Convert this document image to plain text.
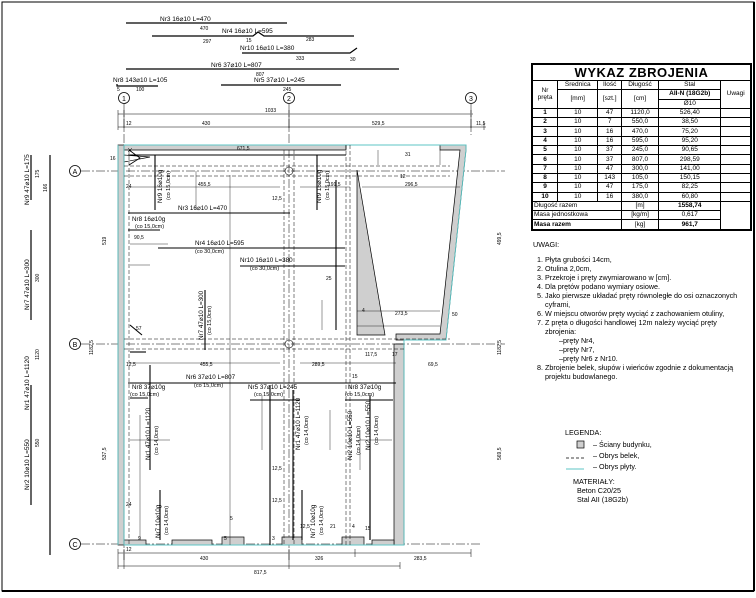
Nr3 16⌀10 L=470
470 Nr4 16⌀10 L=595
297	15	283
Nr10 16⌀10 L=380
333	30
Nr6 37⌀10 L=807
807
Nr8 143⌀10 L=105
5	100
Nr5 37⌀10 L=245
245
1	2	3
A
B
C
1033
430	529,5	11,5
12
12
430	326	283,5
817,5
Nr9 47⌀10 L=175 175
166
Nr7 47⌀10 L=300 300
Nr1 47⌀10 L=1120
1120
Nr2 10⌀10 L=550 550
671,5
455,5	191,5	296,5
455,5	289,5
117,5
69,5
273,5
537,5
519
1182,5	1182,5
569,5
499,5
16
24
12,5
90,5
57
25
12,5
24
31
17
4
50
12,5
3
12,5
9
4
5
5
12,5
15
12
21
15
Nr3 16⌀10 L=470
Nr8 16⌀10g
(co 15,0cm)
Nr4 16⌀10 L=595
(co 30,0cm)
Nr10 16⌀10 L=380
(co 30,0cm)
Nr6 37⌀10 L=807
(co 15,0cm)
Nr8 37⌀10g
(co 15,0cm)
Nr5 37⌀10 L=245
(co 15,0cm)
Nr8 37⌀10g
(co 15,0cm)
Nr9 16⌀10g (co 15,0cm)	Nr9 16⌀10g (co 15,0cm)
Nr7 47⌀10 L=300 (co 15,0cm)
Nr1 47⌀10 L=1120 (co 14,0cm)	Nr1 47⌀10 L=1120 (co 14,0cm)	Nr2 10⌀10 L=550 (co 14,0cm)
Nr2 10⌀10 L=550 (co 14,0cm)
Nr7 10⌀10g (co 14,0cm)	Nr7 10⌀10g (co 14,0cm)
WYKAZ ZBROJENIA					
Nr
pręta	Średnica	Ilość	Długość	Stal	Uwagi
	[mm]	[szt.]	[cm]	AII-N (18G2b)	
				Ø10	
1	10	47	1120,0	526,40	
2	10	7	550,0	38,50	
3	10	16	470,0	75,20	
4	10	16	595,0	95,20	
5	10	37	245,0	90,65	
6	10	37	807,0	298,59	
7	10	47	300,0	141,00	
8	10	143	105,0	150,15	
9	10	47	175,0	82,25	
10	10	16	380,0	60,80	
Długość razem			[m]	1558,74	
Masa jednostkowa			[kg/m]	0,617	
Masa razem			[kg]	961,7	
UWAGI:
1. Płyta grubości 14cm,
2. Otulina 2,0cm,
3. Przekroje i pręty zwymiarowano w [cm].
4. Dla prętów podano wymiary osiowe.
5. Jako pierwsze układać pręty równoległe do osi oznaczonych cyframi,
6. W miejscu otworów pręty wyciąć z zachowaniem otuliny,
7. Z pręta o długości handlowej 12m należy wyciąć pręty zbrojenia:
–pręty Nr4,
–pręty Nr7,
–pręty Nr6 z Nr10.
8. Zbrojenie belek, słupów i wieńców zgodnie z dokumentacją projektu budowlanego.
LEGENDA:
– Ściany budynku,
– Obrys belek,
– Obrys płyty.
MATERIAŁY:
Beton C20/25
Stal AII (18G2b)
